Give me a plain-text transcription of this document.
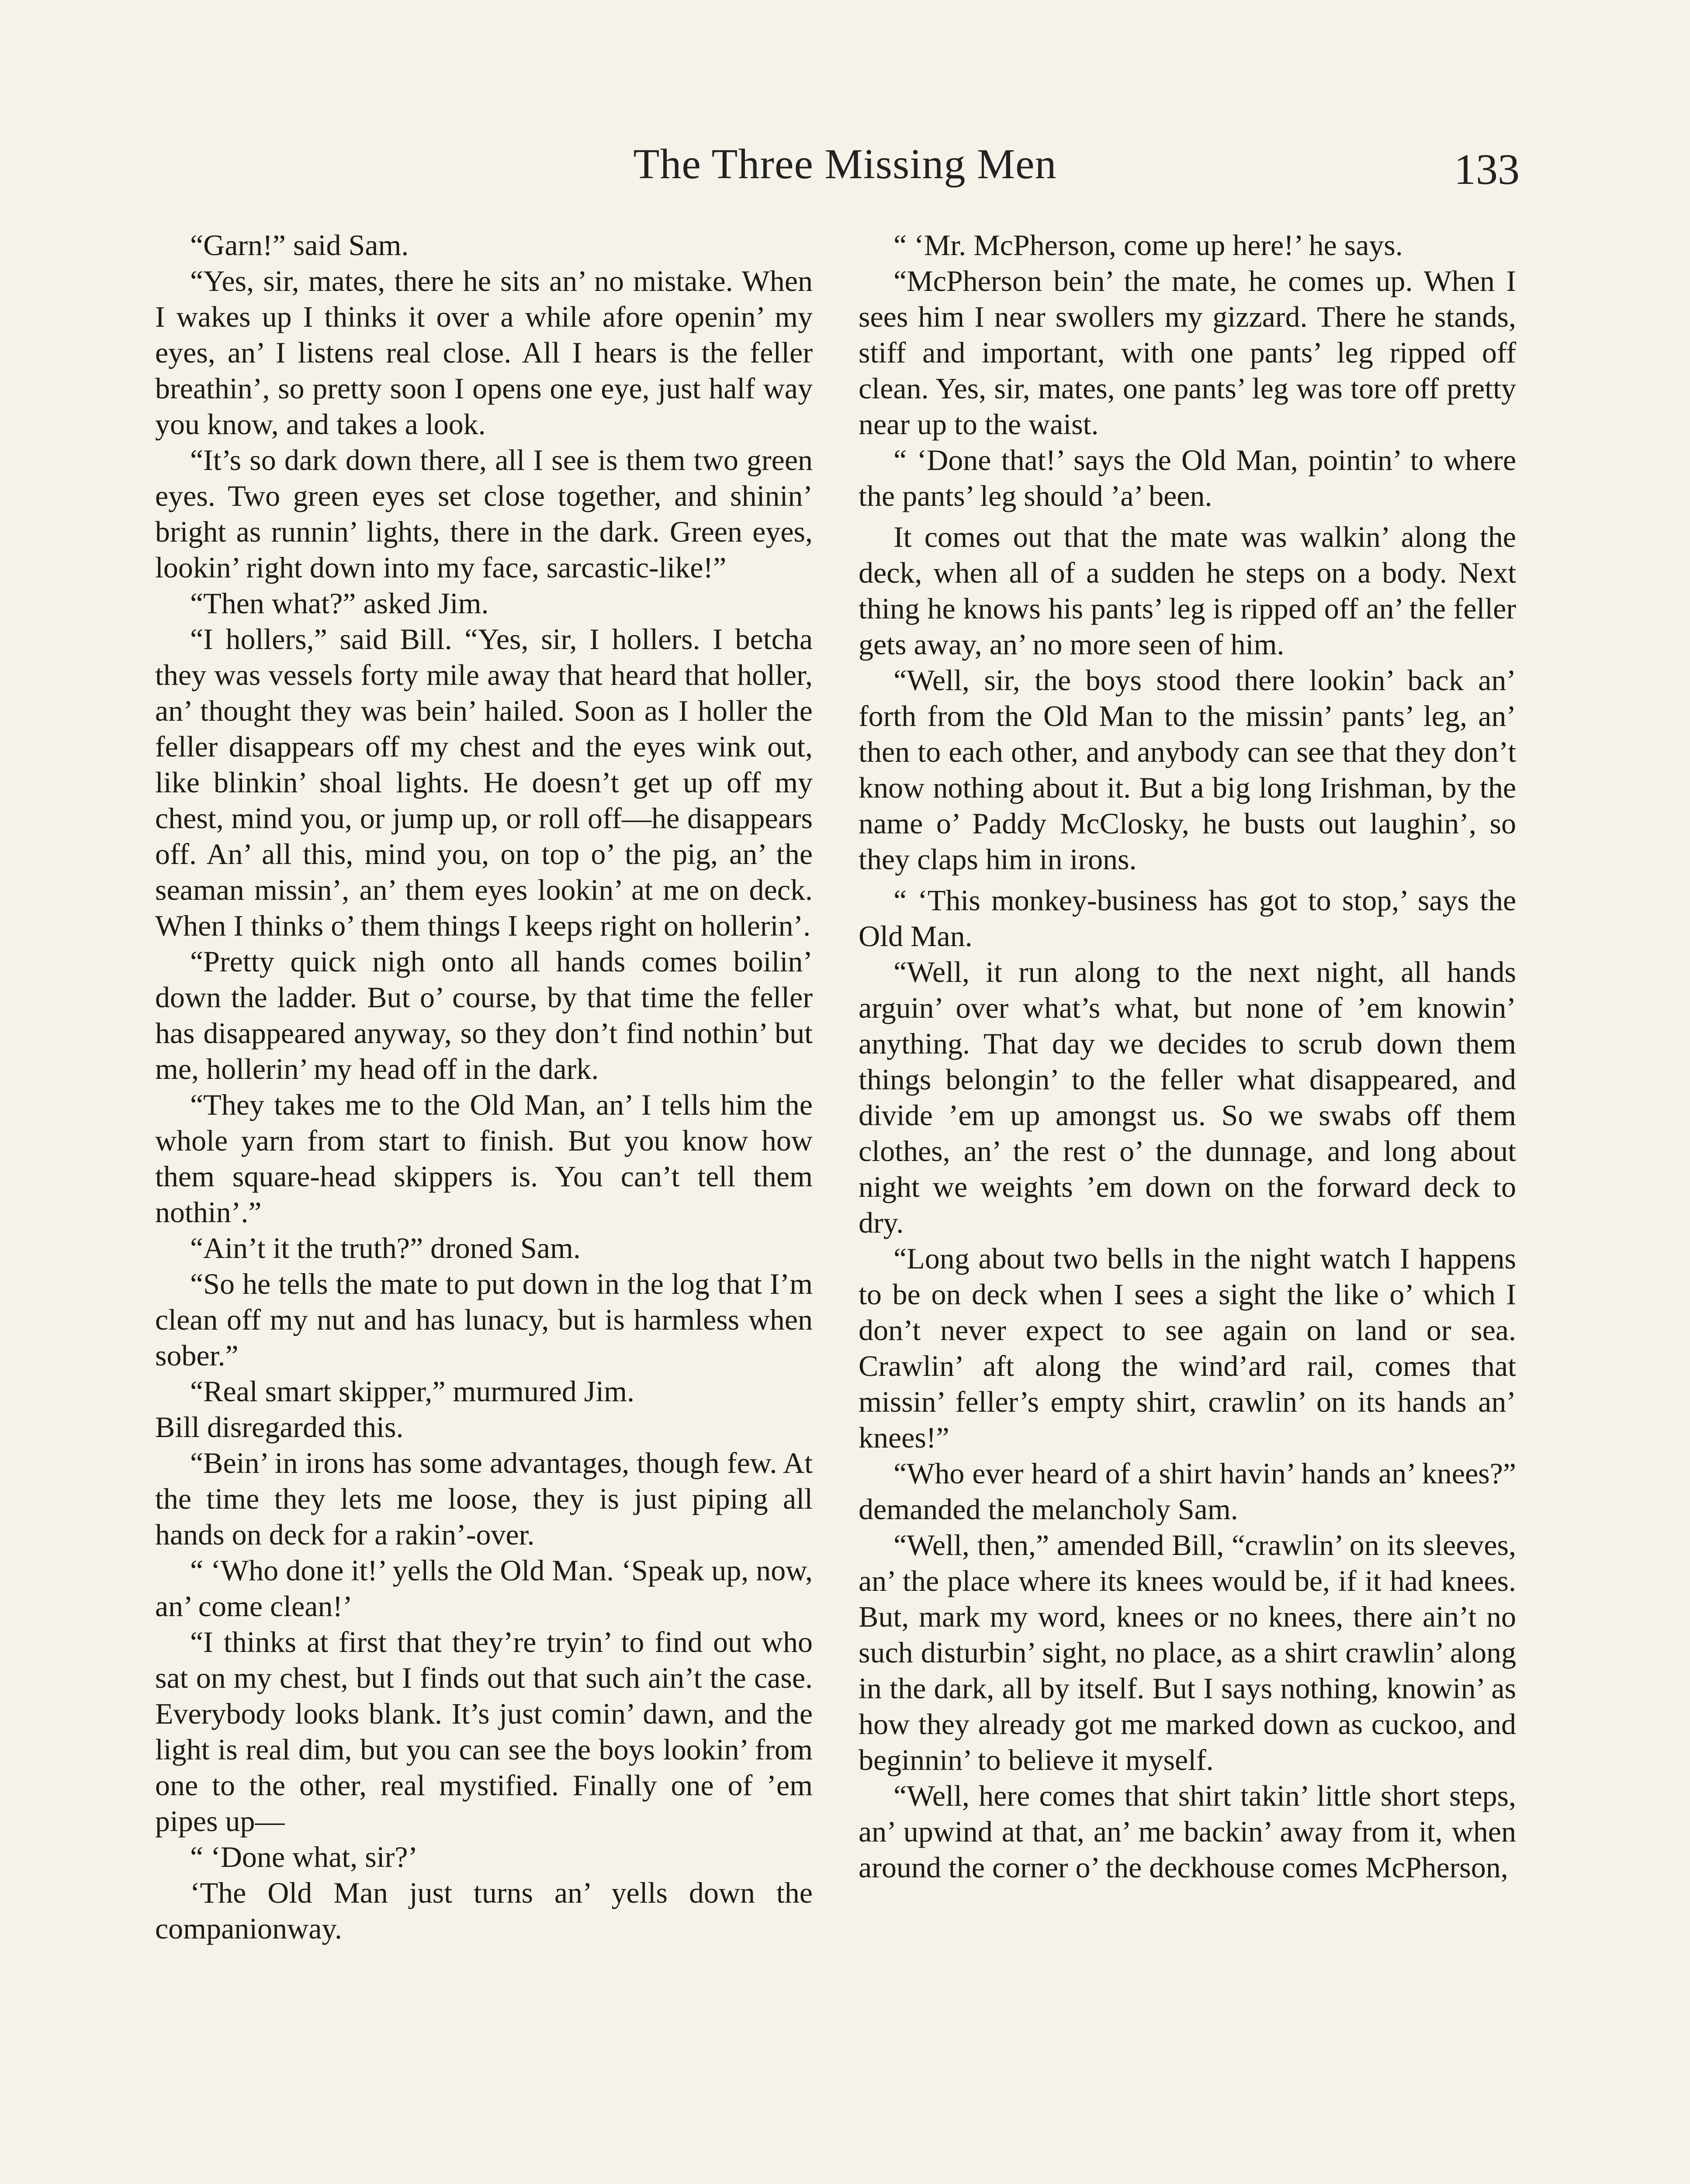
The Three Missing Men	133

“Garn!” said Sam.

“Yes, sir, mates, there he sits an’ no mistake. When I wakes up I thinks it over a while afore openin’ my eyes, an’ I listens real close. All I hears is the feller breathin’, so pretty soon I opens one eye, just half way you know, and takes a look.

“It’s so dark down there, all I see is them two green eyes. Two green eyes set close together, and shinin’ bright as runnin’ lights, there in the dark. Green eyes, lookin’ right down into my face, sarcastic-like!”

“Then what?” asked Jim.

“I hollers,” said Bill. “Yes, sir, I hollers. I betcha they was vessels forty mile away that heard that holler, an’ thought they was bein’ hailed. Soon as I holler the feller disappears off my chest and the eyes wink out, like blinkin’ shoal lights. He doesn’t get up off my chest, mind you, or jump up, or roll off—he disappears off. An’ all this, mind you, on top o’ the pig, an’ the seaman missin’, an’ them eyes lookin’ at me on deck. When I thinks o’ them things I keeps right on hollerin’.

“Pretty quick nigh onto all hands comes boilin’ down the ladder. But o’ course, by that time the feller has disappeared anyway, so they don’t find nothin’ but me, hollerin’ my head off in the dark.

“They takes me to the Old Man, an’ I tells him the whole yarn from start to finish. But you know how them square-head skippers is. You can’t tell them nothin’.”

“Ain’t it the truth?” droned Sam.

“So he tells the mate to put down in the log that I’m clean off my nut and has lunacy, but is harmless when sober.”

“Real smart skipper,” murmured Jim.

Bill disregarded this.

“Bein’ in irons has some advantages, though few. At the time they lets me loose, they is just piping all hands on deck for a rakin’-over.

“ ‘Who done it!’ yells the Old Man. ‘Speak up, now, an’ come clean!’

“I thinks at first that they’re tryin’ to find out who sat on my chest, but I finds out that such ain’t the case. Everybody looks blank. It’s just comin’ dawn, and the light is real dim, but you can see the boys lookin’ from one to the other, real mystified. Finally one of ’em pipes up—

“ ‘Done what, sir?’

‘The Old Man just turns an’ yells down the companionway.

“ ‘Mr. McPherson, come up here!’ he says.

“McPherson bein’ the mate, he comes up. When I sees him I near swollers my gizzard. There he stands, stiff and important, with one pants’ leg ripped off clean. Yes, sir, mates, one pants’ leg was tore off pretty near up to the waist.

“ ‘Done that!’ says the Old Man, pointin’ to where the pants’ leg should ’a’ been.

It comes out that the mate was walkin’ along the deck, when all of a sudden he steps on a body. Next thing he knows his pants’ leg is ripped off an’ the feller gets away, an’ no more seen of him.

“Well, sir, the boys stood there lookin’ back an’ forth from the Old Man to the missin’ pants’ leg, an’ then to each other, and anybody can see that they don’t know nothing about it. But a big long Irishman, by the name o’ Paddy McClosky, he busts out laughin’, so they claps him in irons.

“ ‘This monkey-business has got to stop,’ says the Old Man.

“Well, it run along to the next night, all hands arguin’ over what’s what, but none of ’em knowin’ anything. That day we decides to scrub down them things belongin’ to the feller what disappeared, and divide ’em up amongst us. So we swabs off them clothes, an’ the rest o’ the dunnage, and long about night we weights ’em down on the forward deck to dry.

“Long about two bells in the night watch I happens to be on deck when I sees a sight the like o’ which I don’t never expect to see again on land or sea. Crawlin’ aft along the wind’ard rail, comes that missin’ feller’s empty shirt, crawlin’ on its hands an’ knees!”

“Who ever heard of a shirt havin’ hands an’ knees?” demanded the melancholy Sam.

“Well, then,” amended Bill, “crawlin’ on its sleeves, an’ the place where its knees would be, if it had knees. But, mark my word, knees or no knees, there ain’t no such disturbin’ sight, no place, as a shirt crawlin’ along in the dark, all by itself. But I says nothing, knowin’ as how they already got me marked down as cuckoo, and beginnin’ to believe it myself.

“Well, here comes that shirt takin’ little short steps, an’ upwind at that, an’ me backin’ away from it, when around the corner o’ the deckhouse comes McPherson,
